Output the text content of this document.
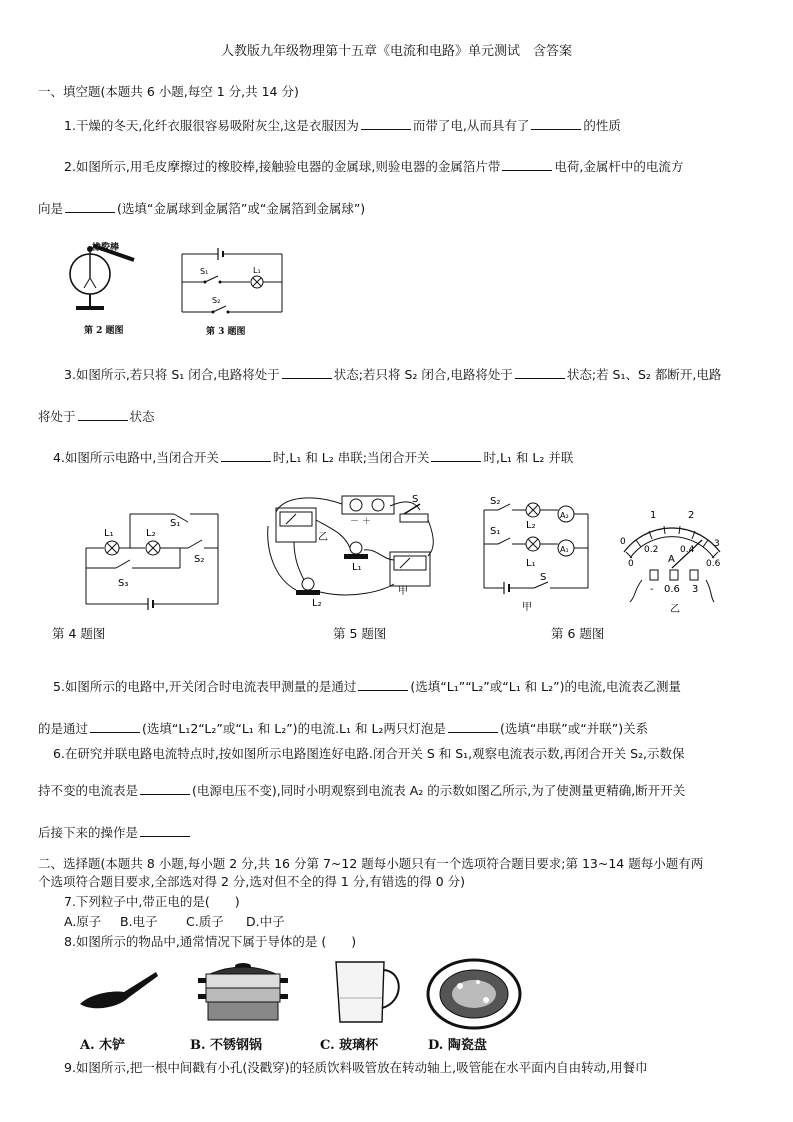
人教版九年级物理第十五章《电流和电路》单元测试　含答案
一、填空题(本题共 6 小题,每空 1 分,共 14 分)
1.干燥的冬天,化纤衣服很容易吸附灰尘,这是衣服因为	而带了电,从而具有了	的性质
2.如图所示,用毛皮摩擦过的橡胶棒,接触验电器的金属球,则验电器的金属箔片带	电荷,金属杆中的电流方
向是	(选填“金属球到金属箔”或“金属箔到金属球”)
橡胶棒
第 2 题图
S₁	L₁
S₂
第 3 题图
3.如图所示,若只将 S₁ 闭合,电路将处于	状态;若只将 S₂ 闭合,电路将处于	状态;若 S₁、S₂ 都断开,电路
将处于	状态
4.如图所示电路中,当闭合开关	时,L₁ 和 L₂ 串联;当闭合开关	时,L₁ 和 L₂ 并联
L₁	L₂
S₁
S₂
S₃
第 4 题图
－ ＋
乙
甲
L₁
L₂
S
第 5 题图
S₂
S₁
L₂
L₁
A₂
A₁
S
甲
1	2
0	3
0
0.2 0.4
0.6
A
- 0.6 3
乙
第 6 题图
5.如图所示的电路中,开关闭合时电流表甲测量的是通过	(选填“L₁”“L₂”或“L₁ 和 L₂”)的电流,电流表乙测量
的是通过	(选填“L₁2“L₂”或“L₁ 和 L₂”)的电流.L₁ 和 L₂两只灯泡是	(选填“串联”或“并联”)关系
6.在研究并联电路电流特点时,按如图所示电路图连好电路.闭合开关 S 和 S₁,观察电流表示数,再闭合开关 S₂,示数保
持不变的电流表是	(电源电压不变),同时小明观察到电流表 A₂ 的示数如图乙所示,为了使测量更精确,断开开关
后接下来的操作是
二、选择题(本题共 8 小题,每小题 2 分,共 16 分第 7~12 题每小题只有一个选项符合题目要求;第 13~14 题每小题有两
个选项符合题目要求,全部选对得 2 分,选对但不全的得 1 分,有错选的得 0 分)
7.下列粒子中,带正电的是(　　)
A.原子 B.电子 C.质子 D.中子
8.如图所示的物品中,通常情况下属于导体的是 (　　)
A. 木铲	B. 不锈钢锅	C. 玻璃杯	D. 陶瓷盘
9.如图所示,把一根中间戳有小孔(没戳穿)的轻质饮料吸管放在转动轴上,吸管能在水平面内自由转动,用餐巾
